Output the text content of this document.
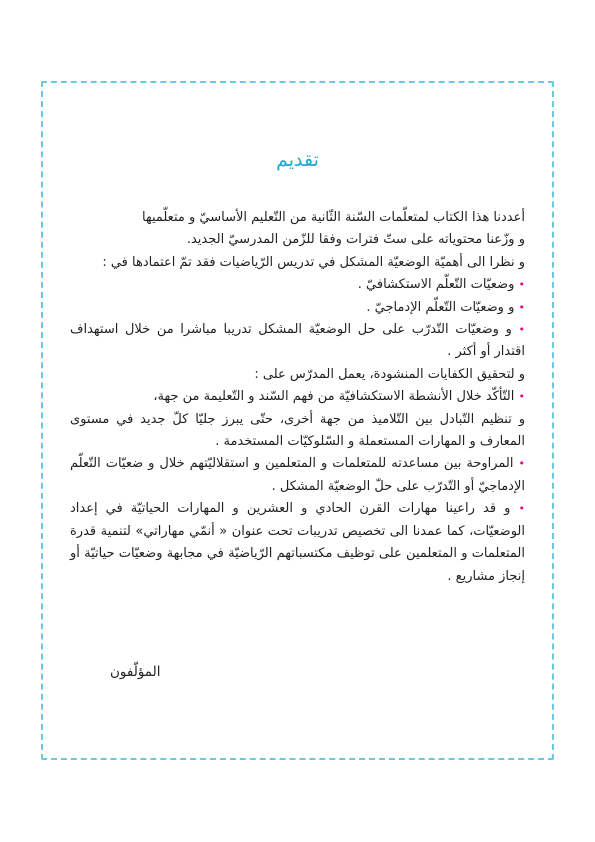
تقديم

أعددنا هذا الكتاب لمتعلّمات السّنة الثّانية من التّعليم الأساسيّ و متعلّميها

و وزّعنا محتوياته على ستّ فترات وفقا للزّمن المدرسيّ الجديد.

و نظرا الى أهميّة الوضعيّة المشكل في تدريس الرّياضيات فقد تمّ اعتمادها في :

• وضعيّات التّعلّم الاستكشافيّ .

• و وضعيّات التّعلّم الإدماجيّ .

• و وضعيّات التّدرّب على حل الوضعيّة المشكل تدريبا مباشرا من خلال استهداف اقتدار أو أكثر .

و لتحقيق الكفايات المنشودة، يعمل المدرّس على :

• التّأكّد خلال الأنشطة الاستكشافيّة من فهم السّند و التّعليمة من جهة،

و تنظيم التّبادل بين التّلاميذ من جهة أخرى، حتّى يبرز جليّا كلّ جديد في مستوى المعارف و المهارات المستعملة و السّلوكيّات المستخدمة .

• المراوحة بين مساعدته للمتعلمات و المتعلمين و استقلاليّتهم خلال و ضعيّات التّعلّم الإدماجيّ أو التّدرّب على حلّ الوضعيّة المشكل .

• و قد راعينا مهارات القرن الحادي و العشرين و المهارات الحياتيّة في إعداد الوضعيّات، كما عمدنا الى تخصيص تدريبات تحت عنوان « أنمّي مهاراتي» لتنمية قدرة المتعلمات و المتعلمين على توظيف مكتسباتهم الرّياضيّة في مجابهة وضعيّات حياتيّة أو إنجاز مشاريع .

المؤلّفون
